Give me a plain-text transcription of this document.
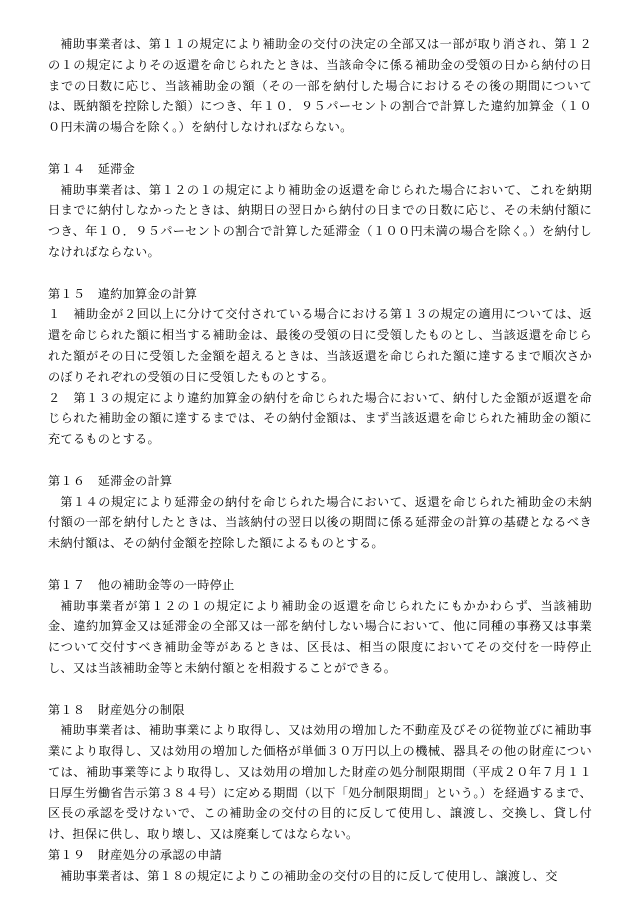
補助事業者は、第１１の規定により補助金の交付の決定の全部又は一部が取り消され、第１２の１の規定によりその返還を命じられたときは、当該命令に係る補助金の受領の日から納付の日までの日数に応じ、当該補助金の額（その一部を納付した場合におけるその後の期間については、既納額を控除した額）につき、年１０．９５パーセントの割合で計算した違約加算金（１００円未満の場合を除く。）を納付しなければならない。

第１４　延滞金

補助事業者は、第１２の１の規定により補助金の返還を命じられた場合において、これを納期日までに納付しなかったときは、納期日の翌日から納付の日までの日数に応じ、その未納付額につき、年１０．９５パーセントの割合で計算した延滞金（１００円未満の場合を除く。）を納付しなければならない。

第１５　違約加算金の計算

１　補助金が２回以上に分けて交付されている場合における第１３の規定の適用については、返還を命じられた額に相当する補助金は、最後の受領の日に受領したものとし、当該返還を命じられた額がその日に受領した金額を超えるときは、当該返還を命じられた額に達するまで順次さかのぼりそれぞれの受領の日に受領したものとする。

２　第１３の規定により違約加算金の納付を命じられた場合において、納付した金額が返還を命じられた補助金の額に達するまでは、その納付金額は、まず当該返還を命じられた補助金の額に充てるものとする。

第１６　延滞金の計算

第１４の規定により延滞金の納付を命じられた場合において、返還を命じられた補助金の未納付額の一部を納付したときは、当該納付の翌日以後の期間に係る延滞金の計算の基礎となるべき未納付額は、その納付金額を控除した額によるものとする。

第１７　他の補助金等の一時停止

補助事業者が第１２の１の規定により補助金の返還を命じられたにもかかわらず、当該補助金、違約加算金又は延滞金の全部又は一部を納付しない場合において、他に同種の事務又は事業について交付すべき補助金等があるときは、区長は、相当の限度においてその交付を一時停止し、又は当該補助金等と未納付額とを相殺することができる。

第１８　財産処分の制限

補助事業者は、補助事業により取得し、又は効用の増加した不動産及びその従物並びに補助事業により取得し、又は効用の増加した価格が単価３０万円以上の機械、器具その他の財産については、補助事業等により取得し、又は効用の増加した財産の処分制限期間（平成２０年７月１１日厚生労働省告示第３８４号）に定める期間（以下「処分制限期間」という。）を経過するまで、区長の承認を受けないで、この補助金の交付の目的に反して使用し、譲渡し、交換し、貸し付け、担保に供し、取り壊し、又は廃棄してはならない。

第１９　財産処分の承認の申請

補助事業者は、第１８の規定によりこの補助金の交付の目的に反して使用し、譲渡し、交
